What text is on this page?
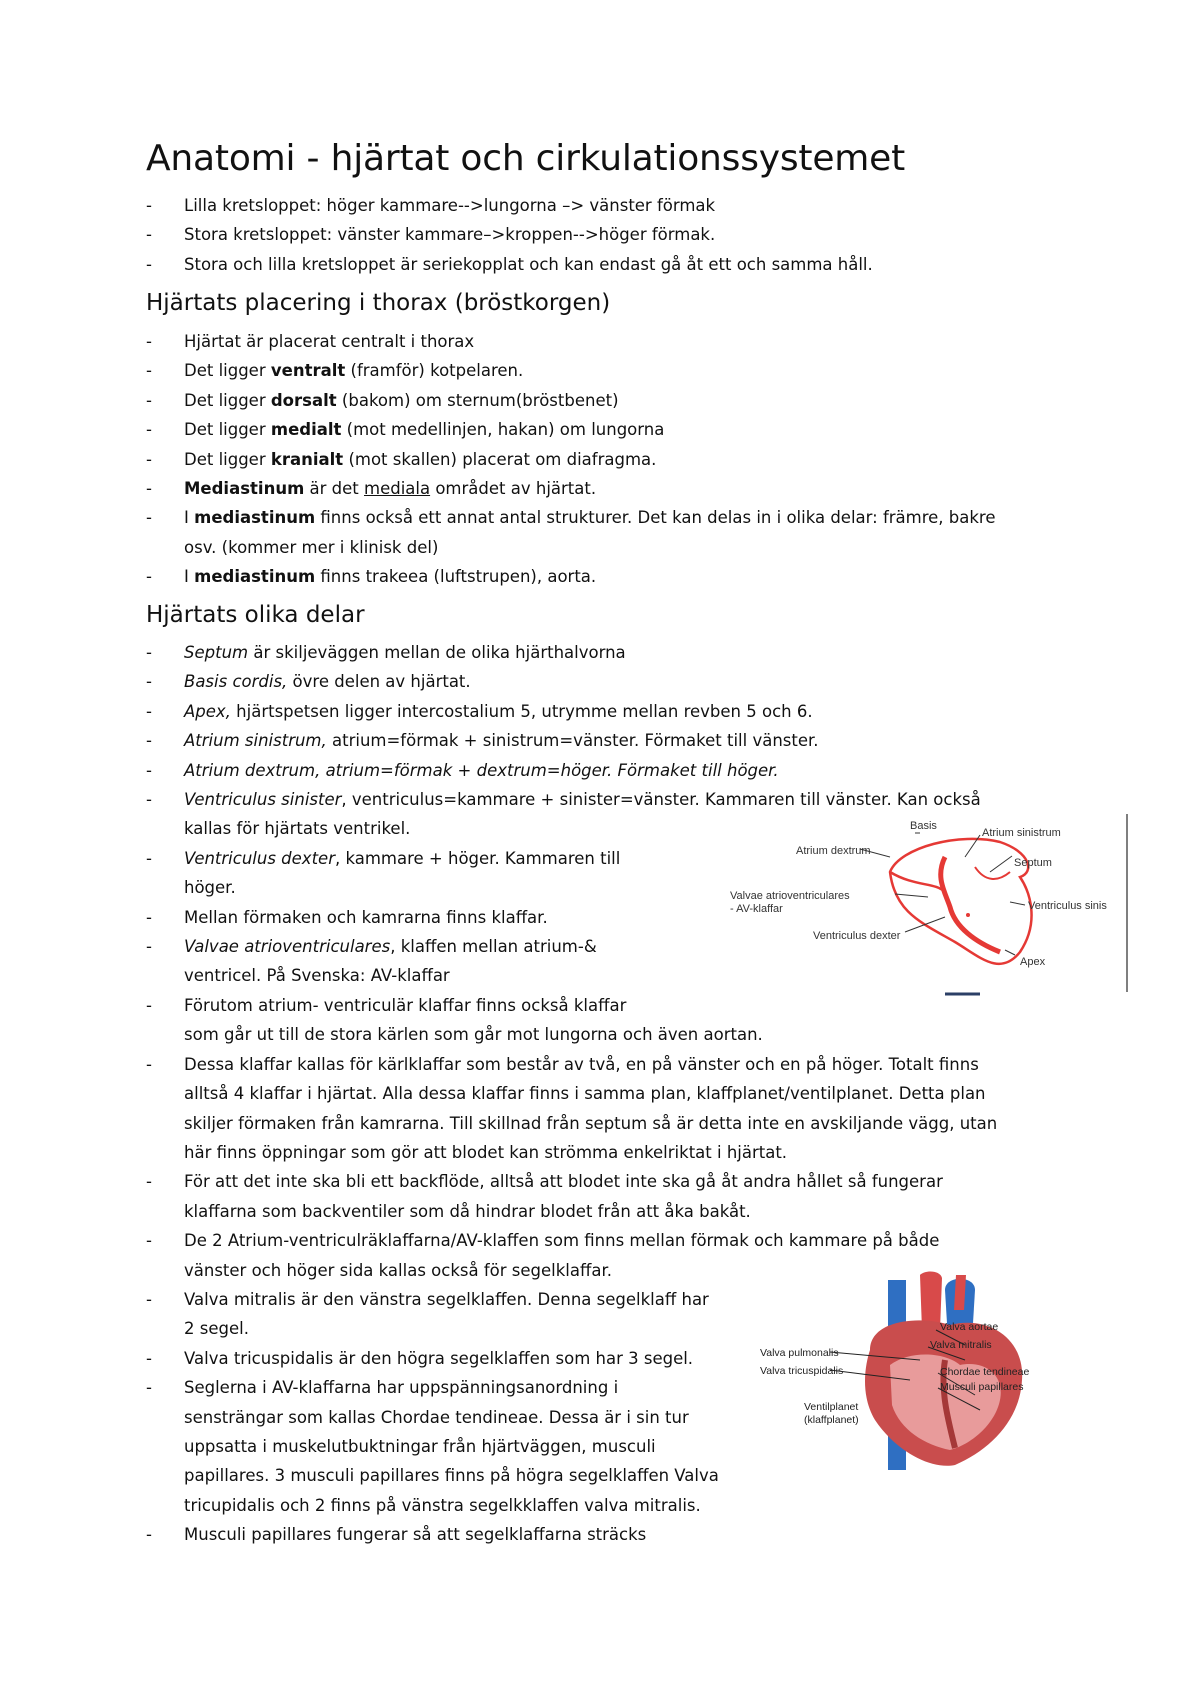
Anatomi - hjärtat och cirkulationssystemet
- Lilla kretsloppet: höger kammare-->lungorna –> vänster förmak
- Stora kretsloppet: vänster kammare–>kroppen-->höger förmak.
- Stora och lilla kretsloppet är seriekopplat och kan endast gå åt ett och samma håll.
Hjärtats placering i thorax (bröstkorgen)
- Hjärtat är placerat centralt i thorax
- Det ligger ventralt (framför) kotpelaren.
- Det ligger dorsalt (bakom) om sternum(bröstbenet)
- Det ligger medialt (mot medellinjen, hakan) om lungorna
- Det ligger kranialt (mot skallen) placerat om diafragma.
- Mediastinum är det mediala området av hjärtat.
- I mediastinum finns också ett annat antal strukturer. Det kan delas in i olika delar: främre, bakre
osv. (kommer mer i klinisk del)
- I mediastinum finns trakeea (luftstrupen), aorta.
Hjärtats olika delar
- Septum är skiljeväggen mellan de olika hjärthalvorna
- Basis cordis, övre delen av hjärtat.
- Apex, hjärtspetsen ligger intercostalium 5, utrymme mellan revben 5 och 6.
- Atrium sinistrum, atrium=förmak + sinistrum=vänster. Förmaket till vänster.
- Atrium dextrum, atrium=förmak + dextrum=höger. Förmaket till höger.
- Ventriculus sinister, ventriculus=kammare + sinister=vänster. Kammaren till vänster. Kan också
kallas för hjärtats ventrikel.
- Ventriculus dexter, kammare + höger. Kammaren till
höger.
- Mellan förmaken och kamrarna finns klaffar.
- Valvae atrioventriculares, klaffen mellan atrium-&
ventricel. På Svenska: AV-klaffar
- Förutom atrium- ventriculär klaffar finns också klaffar
som går ut till de stora kärlen som går mot lungorna och även aortan.
- Dessa klaffar kallas för kärlklaffar som består av två, en på vänster och en på höger. Totalt finns
alltså 4 klaffar i hjärtat. Alla dessa klaffar finns i samma plan, klaffplanet/ventilplanet. Detta plan
skiljer förmaken från kamrarna. Till skillnad från septum så är detta inte en avskiljande vägg, utan
här finns öppningar som gör att blodet kan strömma enkelriktat i hjärtat.
- För att det inte ska bli ett backflöde, alltså att blodet inte ska gå åt andra hållet så fungerar
klaffarna som backventiler som då hindrar blodet från att åka bakåt.
- De 2 Atrium-ventriculräklaffarna/AV-klaffen som finns mellan förmak och kammare på både
vänster och höger sida kallas också för segelklaffar.
- Valva mitralis är den vänstra segelklaffen. Denna segelklaff har
2 segel.
- Valva tricuspidalis är den högra segelklaffen som har 3 segel.
- Seglerna i AV-klaffarna har uppspänningsanordning i
sensträngar som kallas Chordae tendineae. Dessa är i sin tur
uppsatta i muskelutbuktningar från hjärtväggen, musculi
papillares. 3 musculi papillares finns på högra segelklaffen Valva
tricupidalis och 2 finns på vänstra segelkklaffen valva mitralis.
- Musculi papillares fungerar så att segelklaffarna sträcks
Basis
Atrium sinistrum
Atrium dextrum
Septum
Valvae atrioventriculares
- AV-klaffar	Ventriculus sinis
Ventriculus dexter
Apex
Valva aortae
Valva mitralis
Valva pulmonalis
Valva tricuspidalis	Chordae tendineae
Musculi papillares
Ventilplanet
(klaffplanet)
